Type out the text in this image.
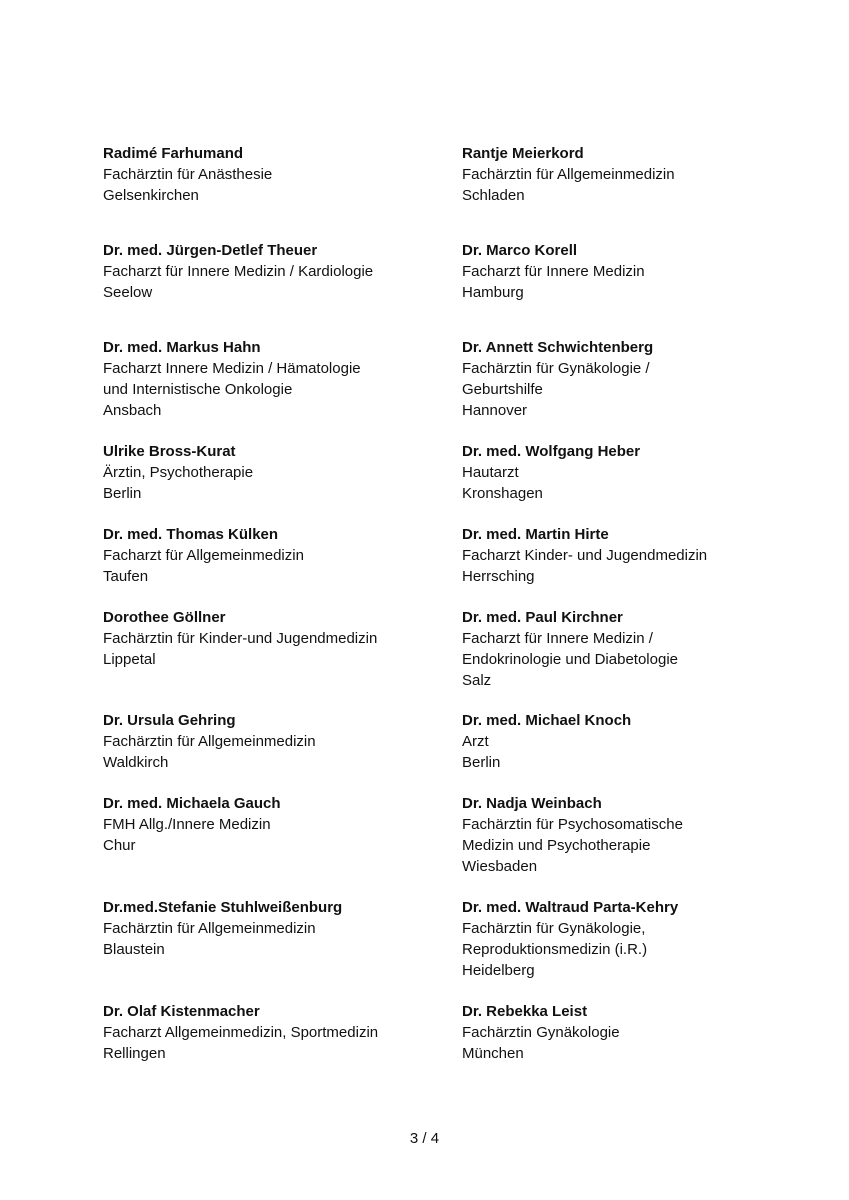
Radimé Farhumand
Fachärztin für Anästhesie
Gelsenkirchen
Rantje Meierkord
Fachärztin für Allgemeinmedizin
Schladen
Dr. med. Jürgen-Detlef Theuer
Facharzt für Innere Medizin / Kardiologie
Seelow
Dr. Marco Korell
Facharzt für Innere Medizin
Hamburg
Dr. med. Markus Hahn
Facharzt Innere Medizin / Hämatologie
und Internistische Onkologie
Ansbach
Dr. Annett Schwichtenberg
Fachärztin für Gynäkologie /
Geburtshilfe
Hannover
Ulrike Bross-Kurat
Ärztin, Psychotherapie
Berlin
Dr. med. Wolfgang Heber
Hautarzt
Kronshagen
Dr. med. Thomas Külken
Facharzt für Allgemeinmedizin
Taufen
Dr. med. Martin Hirte
Facharzt Kinder- und Jugendmedizin
Herrsching
Dorothee Göllner
Fachärztin für Kinder-und Jugendmedizin
Lippetal
Dr. med. Paul Kirchner
Facharzt für Innere Medizin /
Endokrinologie und Diabetologie
Salz
Dr. Ursula Gehring
Fachärztin für Allgemeinmedizin
Waldkirch
Dr. med. Michael Knoch
Arzt
Berlin
Dr. med. Michaela Gauch
FMH Allg./Innere Medizin
Chur
Dr. Nadja Weinbach
Fachärztin für Psychosomatische
Medizin und Psychotherapie
Wiesbaden
Dr.med.Stefanie Stuhlweißenburg
Fachärztin für Allgemeinmedizin
Blaustein
Dr. med. Waltraud Parta-Kehry
Fachärztin für Gynäkologie,
Reproduktionsmedizin (i.R.)
Heidelberg
Dr. Olaf Kistenmacher
Facharzt Allgemeinmedizin, Sportmedizin
Rellingen
Dr. Rebekka Leist
Fachärztin Gynäkologie
München
3 / 4
